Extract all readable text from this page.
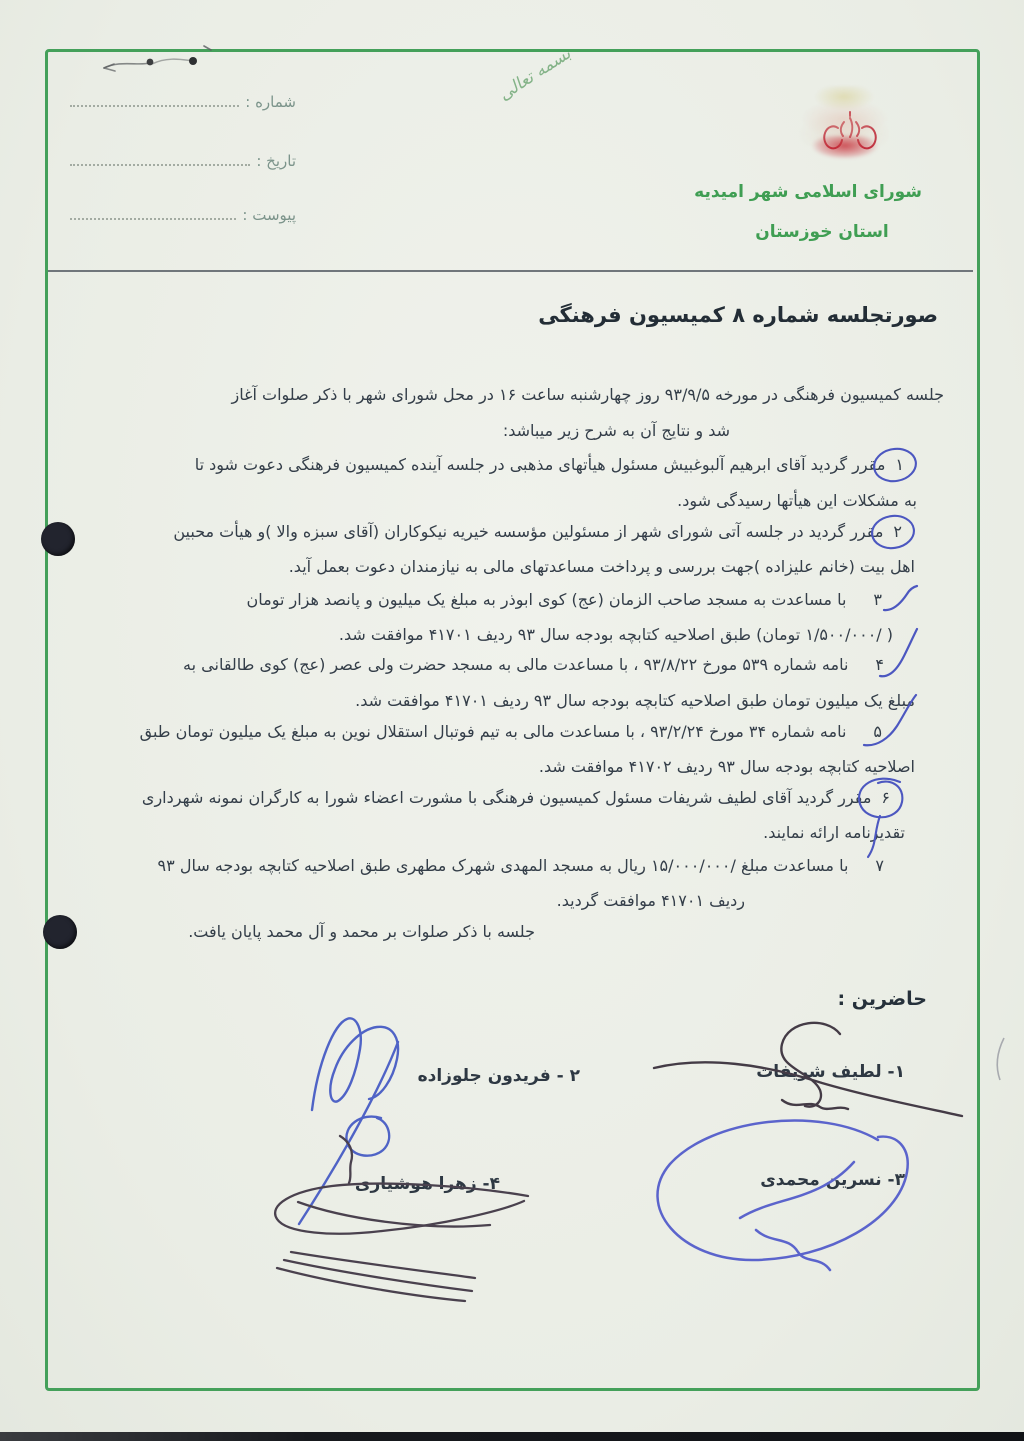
بسمه تعالی
شورای اسلامی شهر امیدیه
استان خوزستان
شماره :
تاریخ :
پیوست :
صورتجلسه شماره ۸ کمیسیون فرهنگی
جلسه کمیسیون فرهنگی در مورخه ۹۳/۹/۵ روز چهارشنبه ساعت ۱۶ در محل شورای شهر با ذکر صلوات آغاز
شد و نتایج آن به شرح زیر میباشد:
۱مقرر گردید آقای ابرهیم آلبوغبیش مسئول هیأتهای مذهبی در جلسه آینده کمیسیون فرهنگی دعوت شود تا
به مشکلات این هیأتها رسیدگی شود.
۲مقرر گردید در جلسه آتی شورای شهر از مسئولین مؤسسه خیریه نیکوکاران (آقای سبزه والا )و هیأت محبین
اهل بیت (خانم علیزاده )جهت بررسی و پرداخت مساعدتهای مالی به نیازمندان دعوت بعمل آید.
۳با مساعدت به مسجد صاحب الزمان (عج) کوی ابوذر به مبلغ یک میلیون و پانصد هزار تومان
( /۱/۵۰۰/۰۰۰ تومان) طبق اصلاحیه کتابچه بودجه سال ۹۳ ردیف ۴۱۷۰۱ موافقت شد.
۴نامه شماره ۵۳۹ مورخ ۹۳/۸/۲۲ ، با مساعدت مالی به مسجد حضرت ولی عصر (عج) کوی طالقانی به
مبلغ یک میلیون تومان طبق اصلاحیه کتابچه بودجه سال ۹۳ ردیف ۴۱۷۰۱ موافقت شد.
۵نامه شماره ۳۴ مورخ ۹۳/۲/۲۴ ، با مساعدت مالی به تیم فوتبال استقلال نوین به مبلغ یک میلیون تومان طبق
اصلاحیه کتابچه بودجه سال ۹۳ ردیف ۴۱۷۰۲ موافقت شد.
۶مقرر گردید آقای لطیف شریفات مسئول کمیسیون فرهنگی با مشورت اعضاء شورا به کارگران نمونه شهرداری
تقدیرنامه ارائه نمایند.
۷با مساعدت مبلغ /۱۵/۰۰۰/۰۰۰ ریال به مسجد المهدی شهرک مطهری طبق اصلاحیه کتابچه بودجه سال ۹۳
ردیف ۴۱۷۰۱ موافقت گردید.
جلسه با ذکر صلوات بر محمد و آل محمد پایان یافت.
حاضرین :
۱- لطیف شریفات
۲ - فریدون جلوزاده
۳- نسرین محمدی
۴- زهرا هوشیاری
